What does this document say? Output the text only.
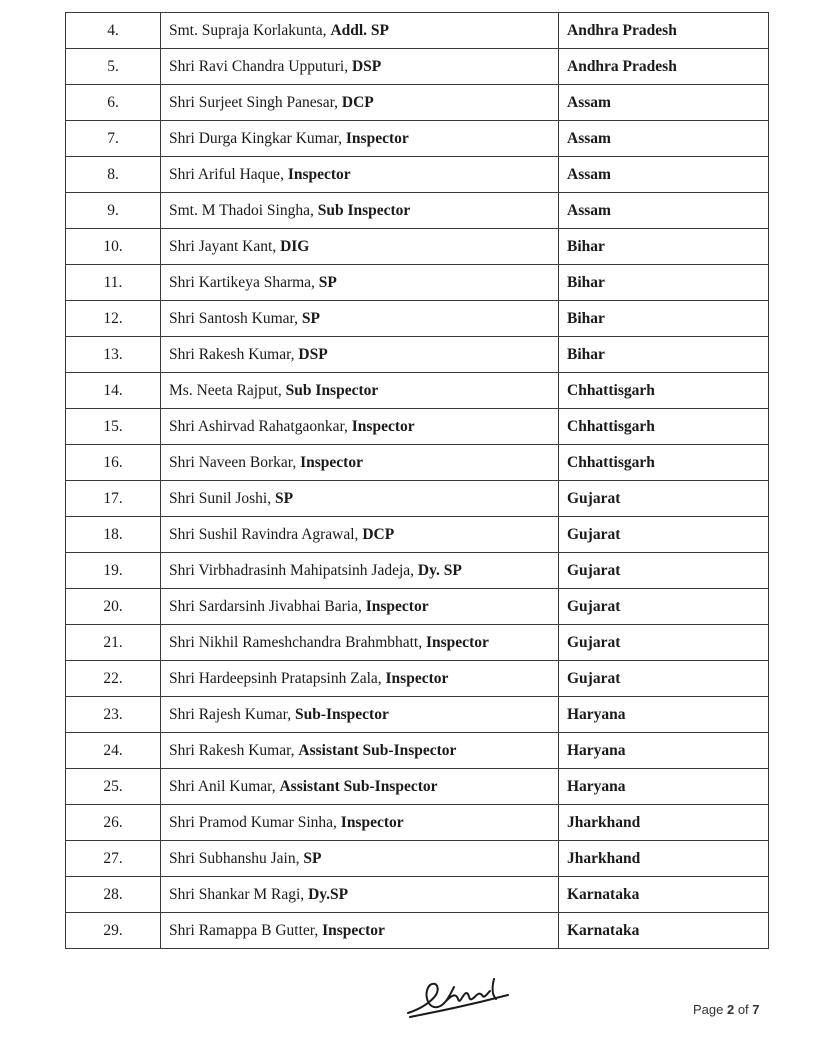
4.	Smt. Supraja Korlakunta, Addl. SP	Andhra Pradesh
5.	Shri Ravi Chandra Upputuri, DSP	Andhra Pradesh
6.	Shri Surjeet Singh Panesar, DCP	Assam
7.	Shri Durga Kingkar Kumar, Inspector	Assam
8.	Shri Ariful Haque, Inspector	Assam
9.	Smt. M Thadoi Singha, Sub Inspector	Assam
10.	Shri Jayant Kant, DIG	Bihar
11.	Shri Kartikeya Sharma, SP	Bihar
12.	Shri Santosh Kumar, SP	Bihar
13.	Shri Rakesh Kumar, DSP	Bihar
14.	Ms. Neeta Rajput, Sub Inspector	Chhattisgarh
15.	Shri Ashirvad Rahatgaonkar, Inspector	Chhattisgarh
16.	Shri Naveen Borkar, Inspector	Chhattisgarh
17.	Shri Sunil Joshi, SP	Gujarat
18.	Shri Sushil Ravindra Agrawal, DCP	Gujarat
19.	Shri Virbhadrasinh Mahipatsinh Jadeja, Dy. SP	Gujarat
20.	Shri Sardarsinh Jivabhai Baria, Inspector	Gujarat
21.	Shri Nikhil Rameshchandra Brahmbhatt, Inspector	Gujarat
22.	Shri Hardeepsinh Pratapsinh Zala, Inspector	Gujarat
23.	Shri Rajesh Kumar, Sub-Inspector	Haryana
24.	Shri Rakesh Kumar, Assistant Sub-Inspector	Haryana
25.	Shri Anil Kumar, Assistant Sub-Inspector	Haryana
26.	Shri Pramod Kumar Sinha, Inspector	Jharkhand
27.	Shri Subhanshu Jain, SP	Jharkhand
28.	Shri Shankar M Ragi, Dy.SP	Karnataka
29.	Shri Ramappa B Gutter, Inspector	Karnataka
Page 2 of 7
